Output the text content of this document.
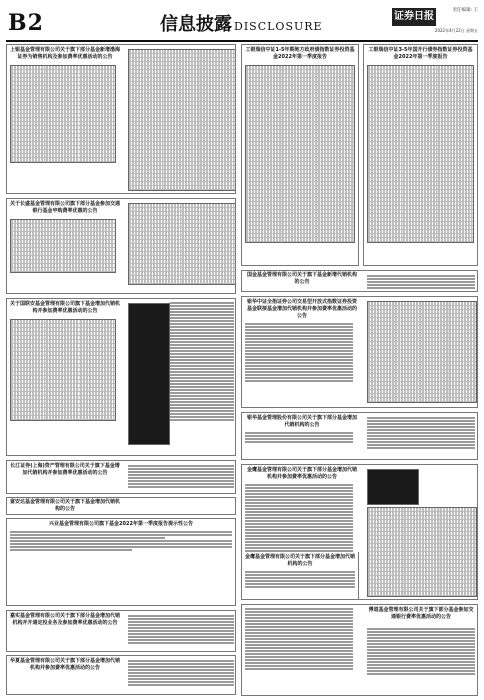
B2	信息披露 DISCLOSURE
证券日报
责任编辑: 王
2022年4月22日 星期五
上银基金管理有限公司关于旗下部分基金新增渤海证券为销售机构及参加费率优惠活动的公告
关于长盛基金管理有限公司旗下部分基金参加交通银行基金申购费率优惠的公告
关于国联安基金管理有限公司旗下基金增加代销机构并参加费率优惠活动的公告
长江证券(上海)资产管理有限公司关于旗下基金增加代销机构并参加费率优惠活动的公告
富安达基金管理有限公司关于旗下基金增加代销机构的公告
兴业基金管理有限公司旗下基金2022年第一季度报告提示性公告
嘉实基金管理有限公司关于旗下部分基金增加代销机构并开通定投业务及参加费率优惠活动的公告
华夏基金管理有限公司关于旗下部分基金增加代销机构并参加费率优惠活动的公告
工银瑞信中证1-5年期地方政府债指数证券投资基金2022年第一季度报告
工银瑞信中证3-5年国开行债券指数证券投资基金2022年第一季度报告
国金基金管理有限公司关于旗下基金新增代销机构的公告
银华中证全指证券公司交易型开放式指数证券投资基金联接基金增加代销机构并参加费率优惠活动的公告
银华基金管理股份有限公司关于旗下部分基金增加代销机构的公告
金鹰基金管理有限公司关于旗下部分基金增加代销机构并参加费率优惠活动的公告
金鹰基金管理有限公司关于旗下部分基金增加代销机构的公告
博道基金管理有限公司关于旗下部分基金参加交通银行费率优惠活动的公告
